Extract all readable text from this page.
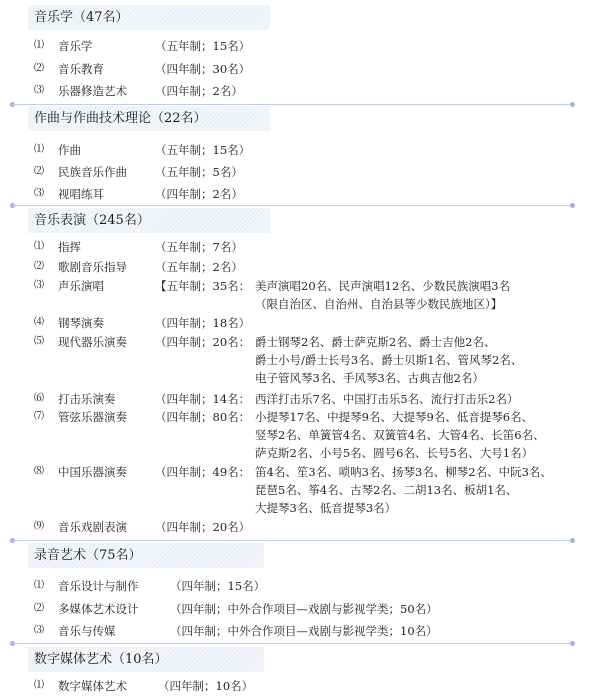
音乐学（47名）
⑴ 音乐学	（五年制；15名）
⑵ 音乐教育	（四年制；30名）
⑶ 乐器修造艺术 （四年制；2名）
作曲与作曲技术理论（22名）
⑴ 作曲	（五年制；15名）
⑵ 民族音乐作曲 （五年制；5名）
⑶ 视唱练耳	（四年制；2名）
音乐表演（245名）
⑴ 指挥	（五年制；7名）
⑵ 歌剧音乐指导 （五年制；2名）
⑶ 声乐演唱	【五年制；35名： 美声演唱20名、民声演唱12名、少数民族演唱3名
（限自治区、自治州、自治县等少数民族地区）】
⑷ 钢琴演奏	（四年制；18名）
⑸ 现代器乐演奏 （四年制；20名： 爵士钢琴2名、爵士萨克斯2名、爵士吉他2名、
爵士小号/爵士长号3名、爵士贝斯1名、管风琴2名、
电子管风琴3名、手风琴3名、古典吉他2名）
⑹ 打击乐演奏	（四年制；14名： 西洋打击乐7名、中国打击乐5名、流行打击乐2名）
⑺ 管弦乐器演奏 （四年制；80名： 小提琴17名、中提琴9名、大提琴9名、低音提琴6名、
竖琴2名、单簧管4名、双簧管4名、大管4名、长笛6名、
萨克斯2名、小号5名、圆号6名、长号5名、大号1名）
⑻ 中国乐器演奏 （四年制；49名： 笛4名、笙3名、唢呐3名、扬琴3名、柳琴2名、中阮3名、
琵琶5名、筝4名、古琴2名、二胡13名、板胡1名、
大提琴3名、低音提琴3名）
⑼ 音乐戏剧表演 （四年制；20名）
录音艺术（75名）
⑴ 音乐设计与制作	（四年制；15名）
⑵ 多媒体艺术设计	（四年制；中外合作项目—戏剧与影视学类；50名）
⑶ 音乐与传媒	（四年制；中外合作项目—戏剧与影视学类；10名）
数字媒体艺术（10名）
⑴ 数字媒体艺术	（四年制；10名）
